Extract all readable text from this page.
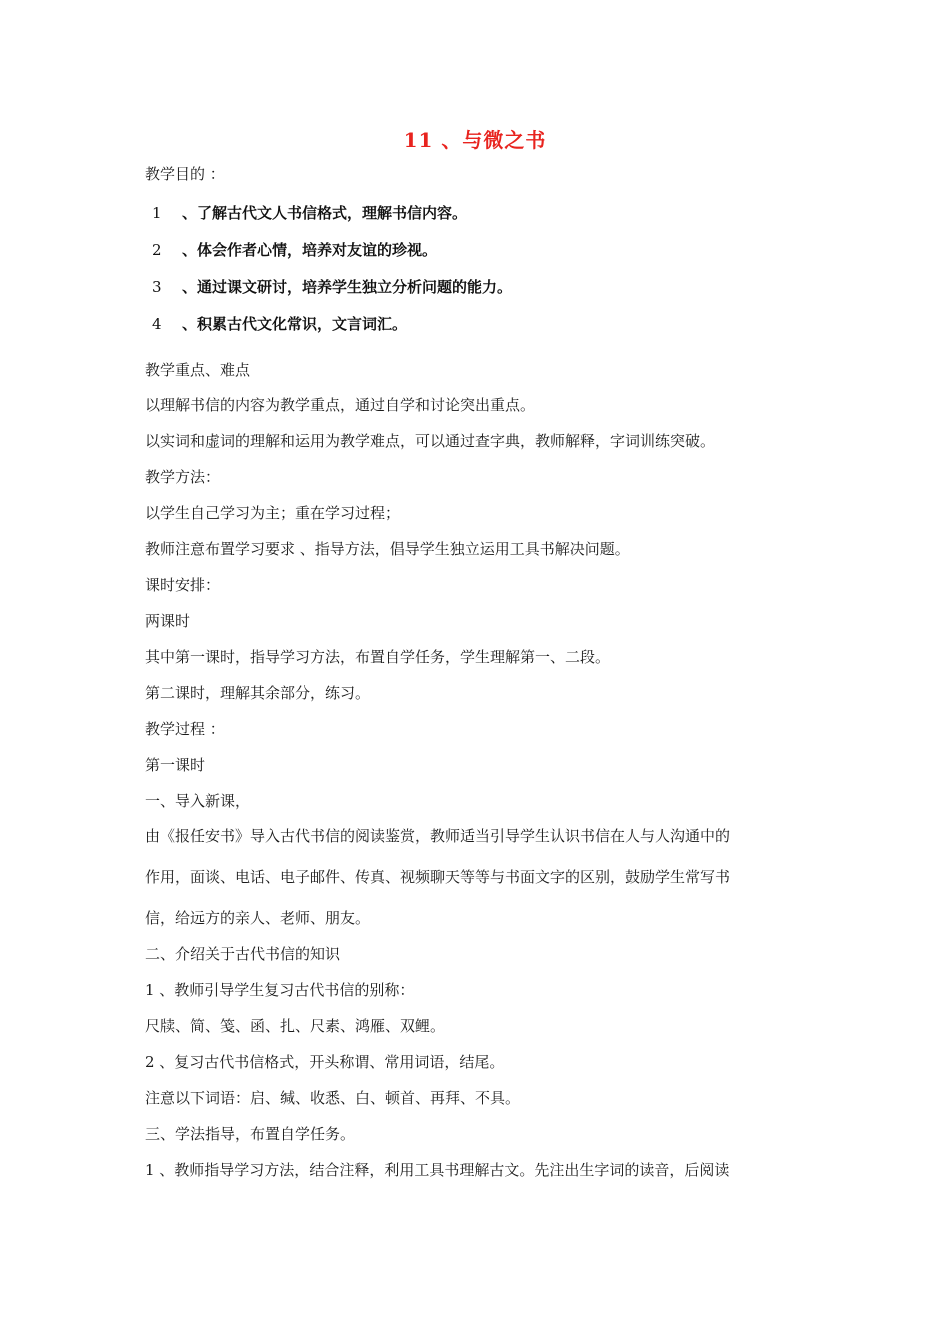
11 、与微之书
教学目的 ：
1 、了解古代文人书信格式，理解书信内容。
2 、体会作者心情，培养对友谊的珍视。
3 、通过课文研讨，培养学生独立分析问题的能力。
4 、积累古代文化常识，文言词汇。
教学重点、难点
以理解书信的内容为教学重点，通过自学和讨论突出重点。
以实词和虚词的理解和运用为教学难点，可以通过查字典，教师解释，字词训练突破。
教学方法：
以学生自己学习为主；重在学习过程；
教师注意布置学习要求 、指导方法，倡导学生独立运用工具书解决问题。
课时安排：
两课时
其中第一课时，指导学习方法，布置自学任务，学生理解第一、二段。
第二课时，理解其余部分，练习。
教学过程 ：
第一课时
一、导入新课，
由《报任安书》导入古代书信的阅读鉴赏，教师适当引导学生认识书信在人与人沟通中的
作用，面谈、电话、电子邮件、传真、视频聊天等等与书面文字的区别，鼓励学生常写书
信，给远方的亲人、老师、朋友。
二、介绍关于古代书信的知识
1 、教师引导学生复习古代书信的别称：
尺牍、简、笺、函、扎、尺素、鸿雁、双鲤。
2 、复习古代书信格式，开头称谓、常用词语，结尾。
注意以下词语：启、缄、收悉、白、顿首、再拜、不具。
三、学法指导，布置自学任务。
1 、教师指导学习方法，结合注释，利用工具书理解古文。先注出生字词的读音，后阅读
